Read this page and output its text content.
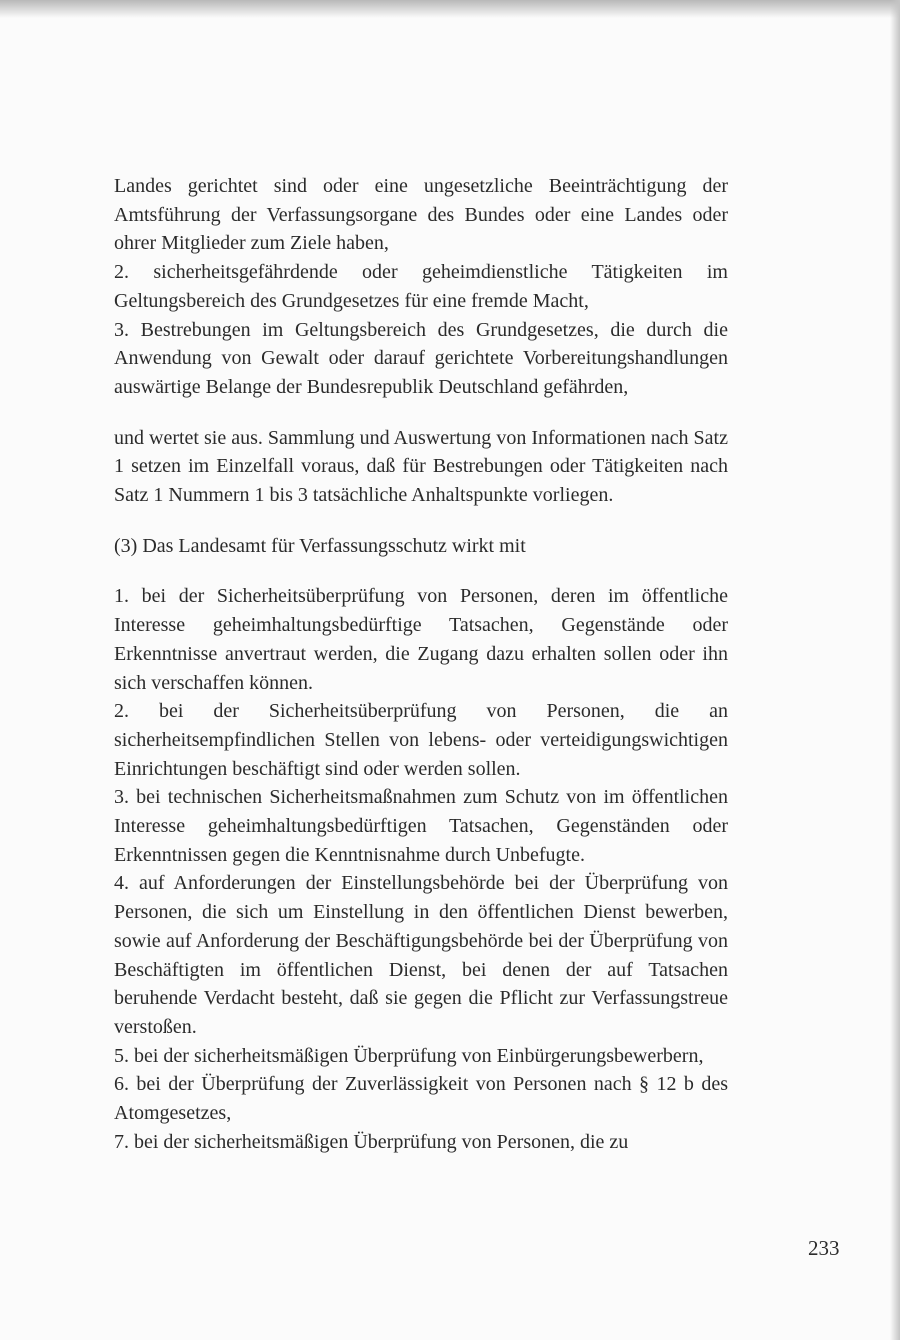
Landes gerichtet sind oder eine ungesetzliche Beeinträchtigung der Amtsführung der Verfassungsorgane des Bundes oder eine Landes oder ohrer Mitglieder zum Ziele haben,

2. sicherheitsgefährdende oder geheimdienstliche Tätigkeiten im Geltungsbereich des Grundgesetzes für eine fremde Macht,

3. Bestrebungen im Geltungsbereich des Grundgesetzes, die durch die Anwendung von Gewalt oder darauf gerichtete Vorbereitungshandlungen auswärtige Belange der Bundesrepublik Deutschland gefährden,

und wertet sie aus. Sammlung und Auswertung von Informationen nach Satz 1 setzen im Einzelfall voraus, daß für Bestrebungen oder Tätigkeiten nach Satz 1 Nummern 1 bis 3 tatsächliche Anhaltspunkte vorliegen.

(3) Das Landesamt für Verfassungsschutz wirkt mit

1. bei der Sicherheitsüberprüfung von Personen, deren im öffentliche Interesse geheimhaltungsbedürftige Tatsachen, Gegenstände oder Erkenntnisse anvertraut werden, die Zugang dazu erhalten sollen oder ihn sich verschaffen können.

2. bei der Sicherheitsüberprüfung von Personen, die an sicherheitsempfindlichen Stellen von lebens- oder verteidigungswichtigen Einrichtungen beschäftigt sind oder werden sollen.

3. bei technischen Sicherheitsmaßnahmen zum Schutz von im öffentlichen Interesse geheimhaltungsbedürftigen Tatsachen, Gegenständen oder Erkenntnissen gegen die Kenntnisnahme durch Unbefugte.

4. auf Anforderungen der Einstellungsbehörde bei der Überprüfung von Personen, die sich um Einstellung in den öffentlichen Dienst bewerben, sowie auf Anforderung der Beschäftigungsbehörde bei der Überprüfung von Beschäftigten im öffentlichen Dienst, bei denen der auf Tatsachen beruhende Verdacht besteht, daß sie gegen die Pflicht zur Verfassungstreue verstoßen.

5. bei der sicherheitsmäßigen Überprüfung von Einbürgerungsbewerbern,

6. bei der Überprüfung der Zuverlässigkeit von Personen nach § 12 b des Atomgesetzes,

7. bei der sicherheitsmäßigen Überprüfung von Personen, die zu

233
